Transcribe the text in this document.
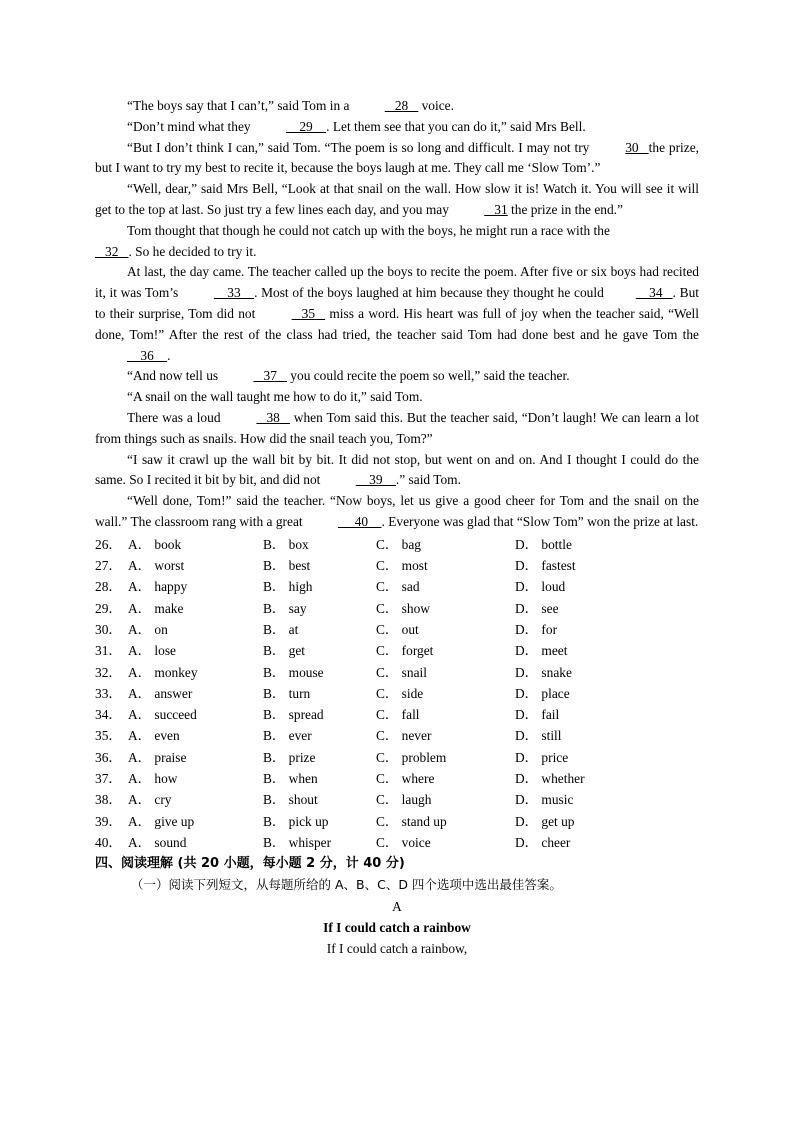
“The boys say that I can’t,” said Tom in a    28    voice.

“Don’t mind what they     29    . Let them see that you can do it,” said Mrs Bell.

“But I don’t think I can,” said Tom. “The poem is so long and difficult. I may not try 30   the prize, but I want to try my best to recite it, because the boys laugh at me. They call me ‘Slow Tom’.”

“Well, dear,” said Mrs Bell, “Look at that snail on the wall. How slow it is! Watch it. You will see it will get to the top at last. So just try a few lines each day, and you may    31 the prize in the end.”

Tom thought that though he could not catch up with the boys, he might run a race with the

32   . So he decided to try it.

At last, the day came. The teacher called up the boys to recite the poem. After five or six boys had recited it, it was Tom’s     33    . Most of the boys laughed at him because they thought he could    34   . But to their surprise, Tom did not    35    miss a word. His heart was full of joy when the teacher said, “Well done, Tom!” After the rest of the class had tried, the teacher said Tom had done best and he gave Tom the     36    .

“And now tell us    37    you could recite the poem so well,” said the teacher.

“A snail on the wall taught me how to do it,” said Tom.

There was a loud    38    when Tom said this. But the teacher said, “Don’t laugh! We can learn a lot from things such as snails. How did the snail teach you, Tom?”

“I saw it crawl up the wall bit by bit. It did not stop, but went on and on. And I thought I could do the same. So I recited it bit by bit, and did not     39    .” said Tom.

“Well done, Tom!” said the teacher. “Now boys, let us give a good cheer for Tom and the snail on the wall.” The classroom rang with a great      40    . Everyone was glad that “Slow Tom” won the prize at last.

26． A． book	B． box	C． bag	D． bottle
27． A． worst	B． best	C． most	D． fastest
28． A． happy	B． high	C． sad	D． loud
29． A． make	B． say	C． show	D． see
30． A． on	B． at	C． out	D． for
31． A． lose	B． get	C． forget	D． meet
32． A． monkey	B． mouse	C． snail	D． snake
33． A． answer	B． turn	C． side	D． place
34． A． succeed	B． spread	C． fall	D． fail
35． A． even	B． ever	C． never	D． still
36． A． praise	B． prize	C． problem	D． price
37． A． how	B． when	C． where	D． whether
38． A． cry	B． shout	C． laugh	D． music
39． A． give up	B． pick up	C． stand up	D． get up
40． A． sound	B． whisper	C． voice	D． cheer
四、阅读理解 (共 20 小题，每小题 2 分，计 40 分)
（一）阅读下列短文，从每题所给的 A、B、C、D 四个选项中选出最佳答案。
A
If I could catch a rainbow
If I could catch a rainbow,
